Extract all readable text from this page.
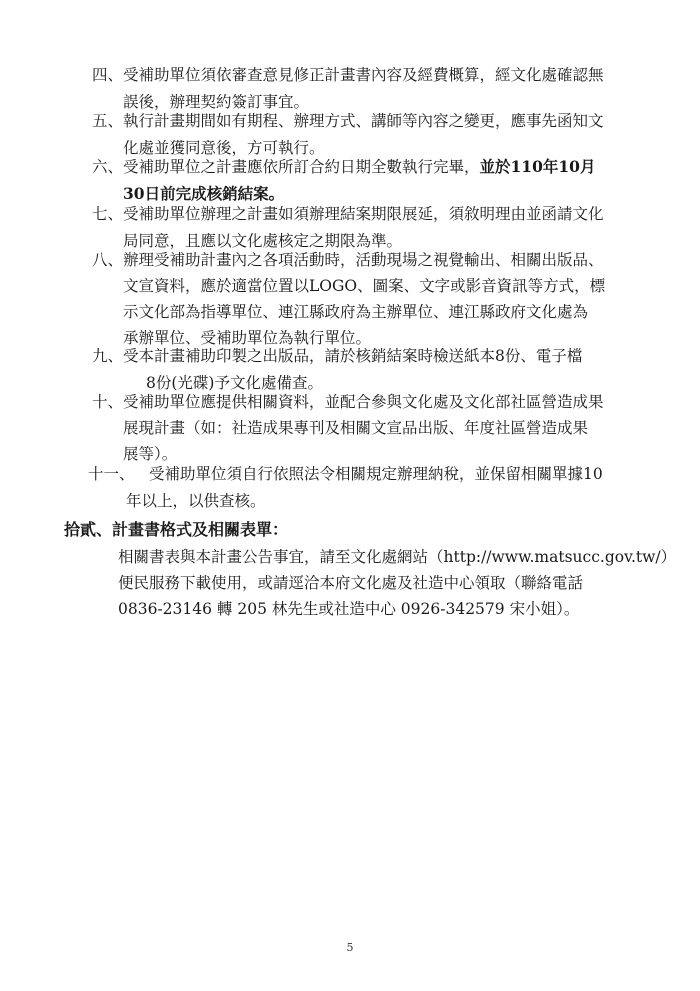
四、 受補助單位須依審查意見修正計畫書內容及經費概算，經文化處確認無
誤後，辦理契約簽訂事宜。
五、 執行計畫期間如有期程、辦理方式、講師等內容之變更，應事先函知文
化處並獲同意後，方可執行。
六、 受補助單位之計畫應依所訂合約日期全數執行完畢，並於110年10月
30日前完成核銷結案。
七、 受補助單位辦理之計畫如須辦理結案期限展延，須敘明理由並函請文化
局同意，且應以文化處核定之期限為準。
八、 辦理受補助計畫內之各項活動時，活動現場之視覺輸出、相關出版品、
文宣資料，應於適當位置以LOGO、圖案、文字或影音資訊等方式，標
示文化部為指導單位、連江縣政府為主辦單位、連江縣政府文化處為
承辦單位、受補助單位為執行單位。
九、 受本計畫補助印製之出版品，請於核銷結案時檢送紙本8份、電子檔
8份(光碟)予文化處備查。
十、 受補助單位應提供相關資料，並配合參與文化處及文化部社區營造成果
展現計畫（如：社造成果專刊及相關文宣品出版、年度社區營造成果
展等）。
十一、 受補助單位須自行依照法令相關規定辦理納稅，並保留相關單據10
年以上，以供查核。
拾貳、計畫書格式及相關表單：
相關書表與本計畫公告事宜，請至文化處網站（http://www.matsucc.gov.tw/）
便民服務下載使用，或請逕洽本府文化處及社造中心領取（聯絡電話
0836-23146 轉 205 林先生或社造中心 0926-342579 宋小姐）。
5
